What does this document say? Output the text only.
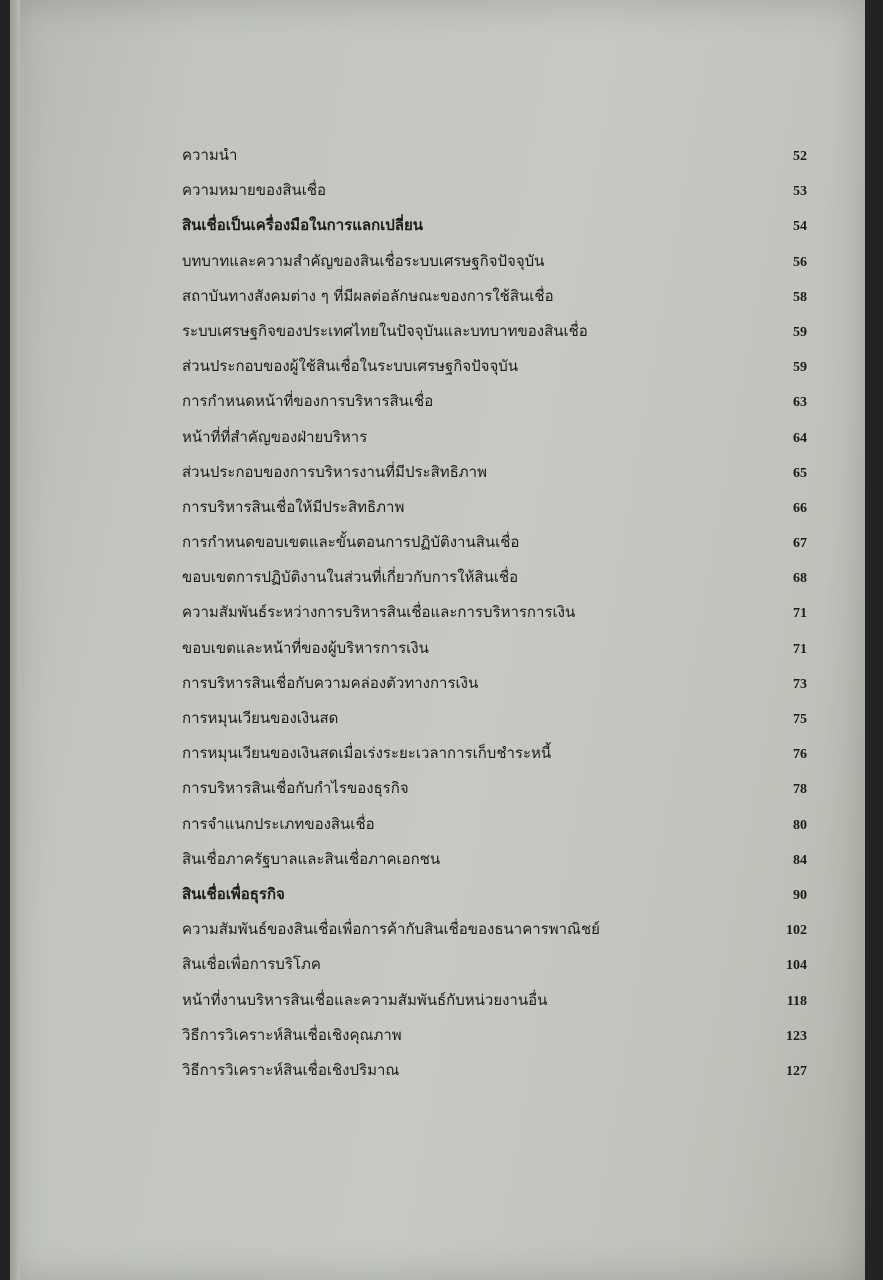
ความนำ	52
ความหมายของสินเชื่อ	53
สินเชื่อเป็นเครื่องมือในการแลกเปลี่ยน	54
บทบาทและความสำคัญของสินเชื่อระบบเศรษฐกิจปัจจุบัน	56
สถาบันทางสังคมต่าง ๆ ที่มีผลต่อลักษณะของการใช้สินเชื่อ	58
ระบบเศรษฐกิจของประเทศไทยในปัจจุบันและบทบาทของสินเชื่อ	59
ส่วนประกอบของผู้ใช้สินเชื่อในระบบเศรษฐกิจปัจจุบัน	59
การกำหนดหน้าที่ของการบริหารสินเชื่อ	63
หน้าที่ที่สำคัญของฝ่ายบริหาร	64
ส่วนประกอบของการบริหารงานที่มีประสิทธิภาพ	65
การบริหารสินเชื่อให้มีประสิทธิภาพ	66
การกำหนดขอบเขตและขั้นตอนการปฏิบัติงานสินเชื่อ	67
ขอบเขตการปฏิบัติงานในส่วนที่เกี่ยวกับการให้สินเชื่อ	68
ความสัมพันธ์ระหว่างการบริหารสินเชื่อและการบริหารการเงิน	71
ขอบเขตและหน้าที่ของผู้บริหารการเงิน	71
การบริหารสินเชื่อกับความคล่องตัวทางการเงิน	73
การหมุนเวียนของเงินสด	75
การหมุนเวียนของเงินสดเมื่อเร่งระยะเวลาการเก็บชำระหนี้	76
การบริหารสินเชื่อกับกำไรของธุรกิจ	78
การจำแนกประเภทของสินเชื่อ	80
สินเชื่อภาครัฐบาลและสินเชื่อภาคเอกชน	84
สินเชื่อเพื่อธุรกิจ	90
ความสัมพันธ์ของสินเชื่อเพื่อการค้ากับสินเชื่อของธนาคารพาณิชย์	102
สินเชื่อเพื่อการบริโภค	104
หน้าที่งานบริหารสินเชื่อและความสัมพันธ์กับหน่วยงานอื่น	118
วิธีการวิเคราะห์สินเชื่อเชิงคุณภาพ	123
วิธีการวิเคราะห์สินเชื่อเชิงปริมาณ	127
